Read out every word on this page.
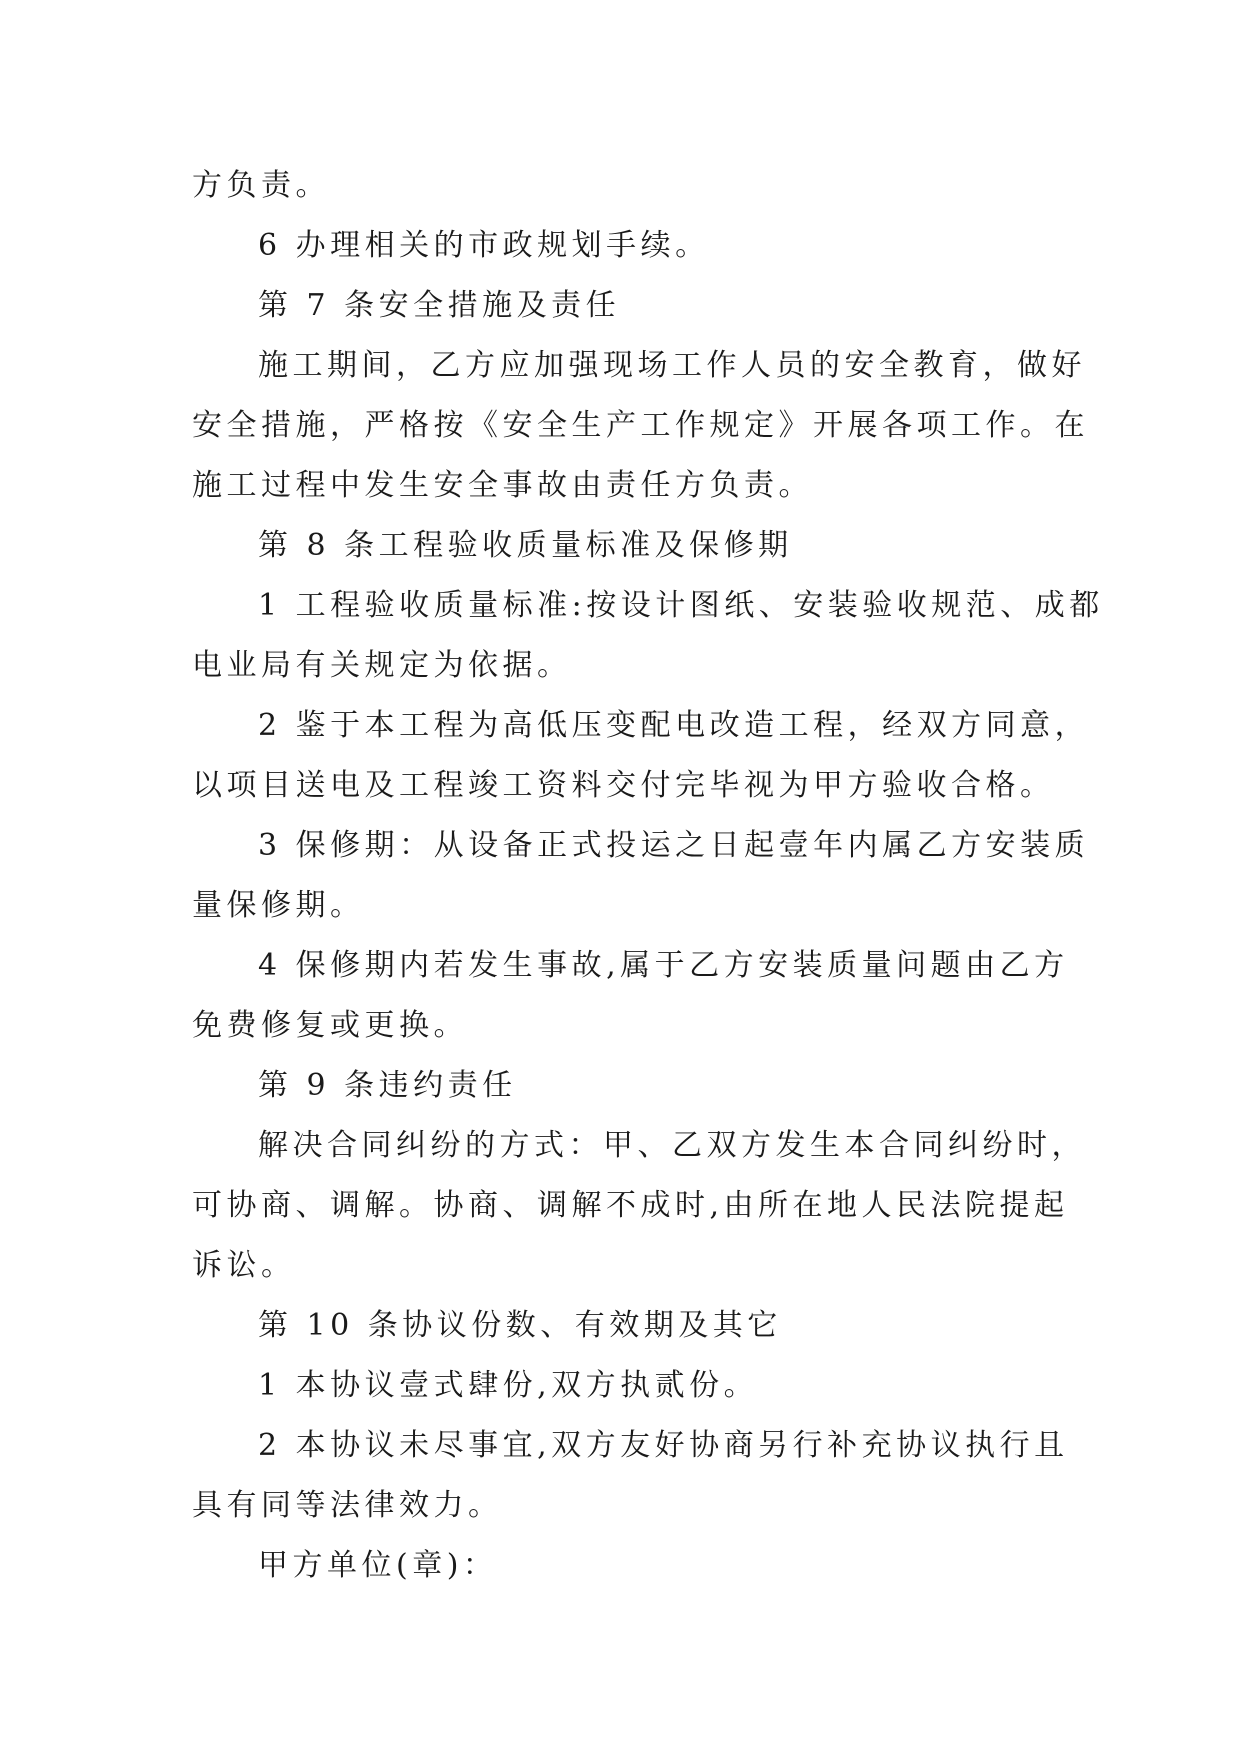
方负责。
6 办理相关的市政规划手续。
第 7 条安全措施及责任
施工期间，乙方应加强现场工作人员的安全教育，做好
安全措施，严格按《安全生产工作规定》开展各项工作。在
施工过程中发生安全事故由责任方负责。
第 8 条工程验收质量标准及保修期
1 工程验收质量标准:按设计图纸、安装验收规范、成都
电业局有关规定为依据。
2 鉴于本工程为高低压变配电改造工程，经双方同意，
以项目送电及工程竣工资料交付完毕视为甲方验收合格。
3 保修期：从设备正式投运之日起壹年内属乙方安装质
量保修期。
4 保修期内若发生事故,属于乙方安装质量问题由乙方
免费修复或更换。
第 9 条违约责任
解决合同纠纷的方式：甲、乙双方发生本合同纠纷时，
可协商、调解。协商、调解不成时,由所在地人民法院提起
诉讼。
第 10 条协议份数、有效期及其它
1 本协议壹式肆份,双方执贰份。
2 本协议未尽事宜,双方友好协商另行补充协议执行且
具有同等法律效力。
甲方单位(章)：
